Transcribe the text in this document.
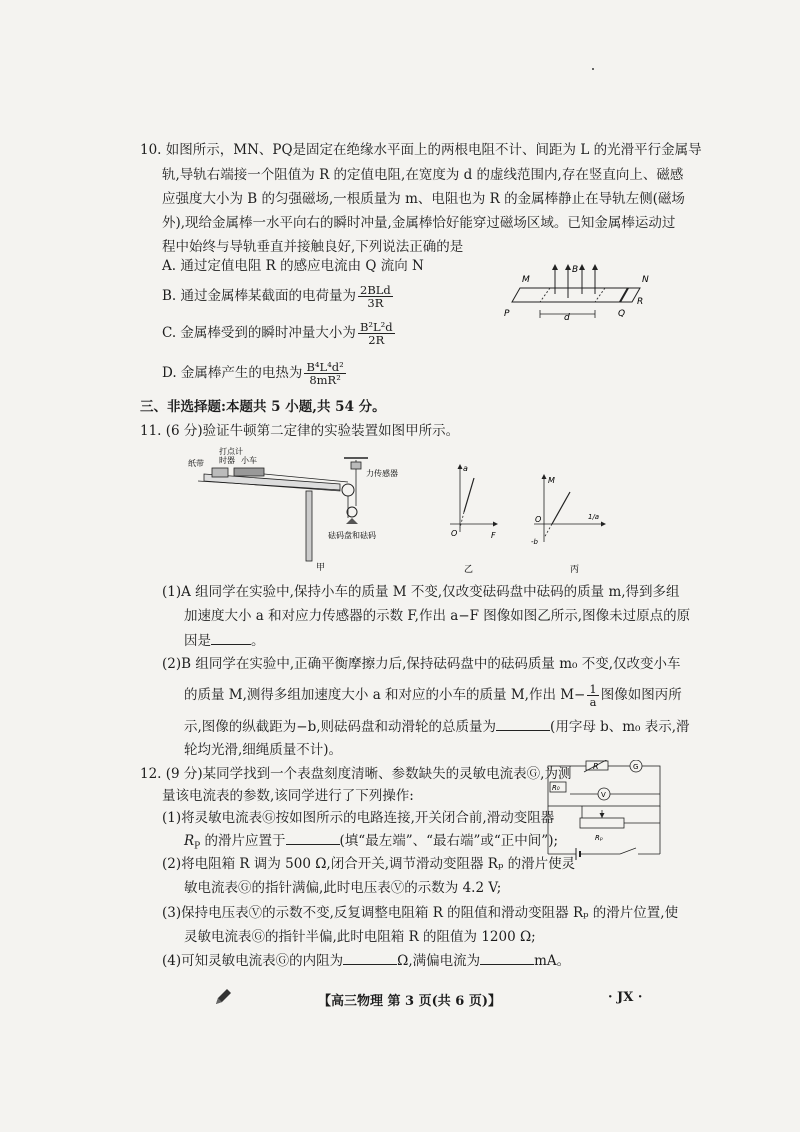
10. 如图所示，MN、PQ是固定在绝缘水平面上的两根电阻不计、间距为 L 的光滑平行金属导
轨,导轨右端接一个阻值为 R 的定值电阻,在宽度为 d 的虚线范围内,存在竖直向上、磁感
应强度大小为 B 的匀强磁场,一根质量为 m、电阻也为 R 的金属棒静止在导轨左侧(磁场
外),现给金属棒一水平向右的瞬时冲量,金属棒恰好能穿过磁场区域。已知金属棒运动过
程中始终与导轨垂直并接触良好,下列说法正确的是
A. 通过定值电阻 R 的感应电流由 Q 流向 N
B. 通过金属棒某截面的电荷量为 $\frac{\text{2BLd}}{3R}$
C. 金属棒受到的瞬时冲量大小为 $\frac{\text{B²L²d}}{2R}$
D. 金属棒产生的电热为 $\frac{\text{B⁴L⁴d²}}{\text{8mR²}}$
M	N
P	Q
R
B
d
三、非选择题:本题共 5 小题,共 54 分。
11. (6 分)验证牛顿第二定律的实验装置如图甲所示。
打点计
时器
纸带	小车
力传感器
砝码盘和砝码
甲
a
F
O
乙
M
1/a
O
-b
丙
(1)A 组同学在实验中,保持小车的质量 M 不变,仅改变砝码盘中砝码的质量 m,得到多组
加速度大小 a 和对应力传感器的示数 F,作出 a−F 图像如图乙所示,图像未过原点的原
因是	。
(2)B 组同学在实验中,正确平衡摩擦力后,保持砝码盘中的砝码质量 m₀ 不变,仅改变小车
的质量 M,测得多组加速度大小 a 和对应的小车的质量 M,作出 $M- \frac{1}{a}$ 图像如图丙所
示,图像的纵截距为−b,则砝码盘和动滑轮的总质量为	(用字母 b、m₀ 表示,滑
轮均光滑,细绳质量不计)。
12. (9 分)某同学找到一个表盘刻度清晰、参数缺失的灵敏电流表Ⓖ,为测
量该电流表的参数,该同学进行了下列操作:
(1)将灵敏电流表Ⓖ按如图所示的电路连接,开关闭合前,滑动变阻器
$R_P$ 的滑片应置于	(填“最左端”、“最右端”或“正中间”);
(2)将电阻箱 R 调为 500 Ω,闭合开关,调节滑动变阻器 Rₚ 的滑片使灵
敏电流表Ⓖ的指针满偏,此时电压表Ⓥ的示数为 4.2 V;
(3)保持电压表Ⓥ的示数不变,反复调整电阻箱 R 的阻值和滑动变阻器 Rₚ 的滑片位置,使
灵敏电流表Ⓖ的指针半偏,此时电阻箱 R 的阻值为 1200 Ω;
(4)可知灵敏电流表Ⓖ的内阻为	Ω,满偏电流为	mA。
R	G
V
R₀
Rₚ
【高三物理 第 3 页(共 6 页)】	· JX ·
